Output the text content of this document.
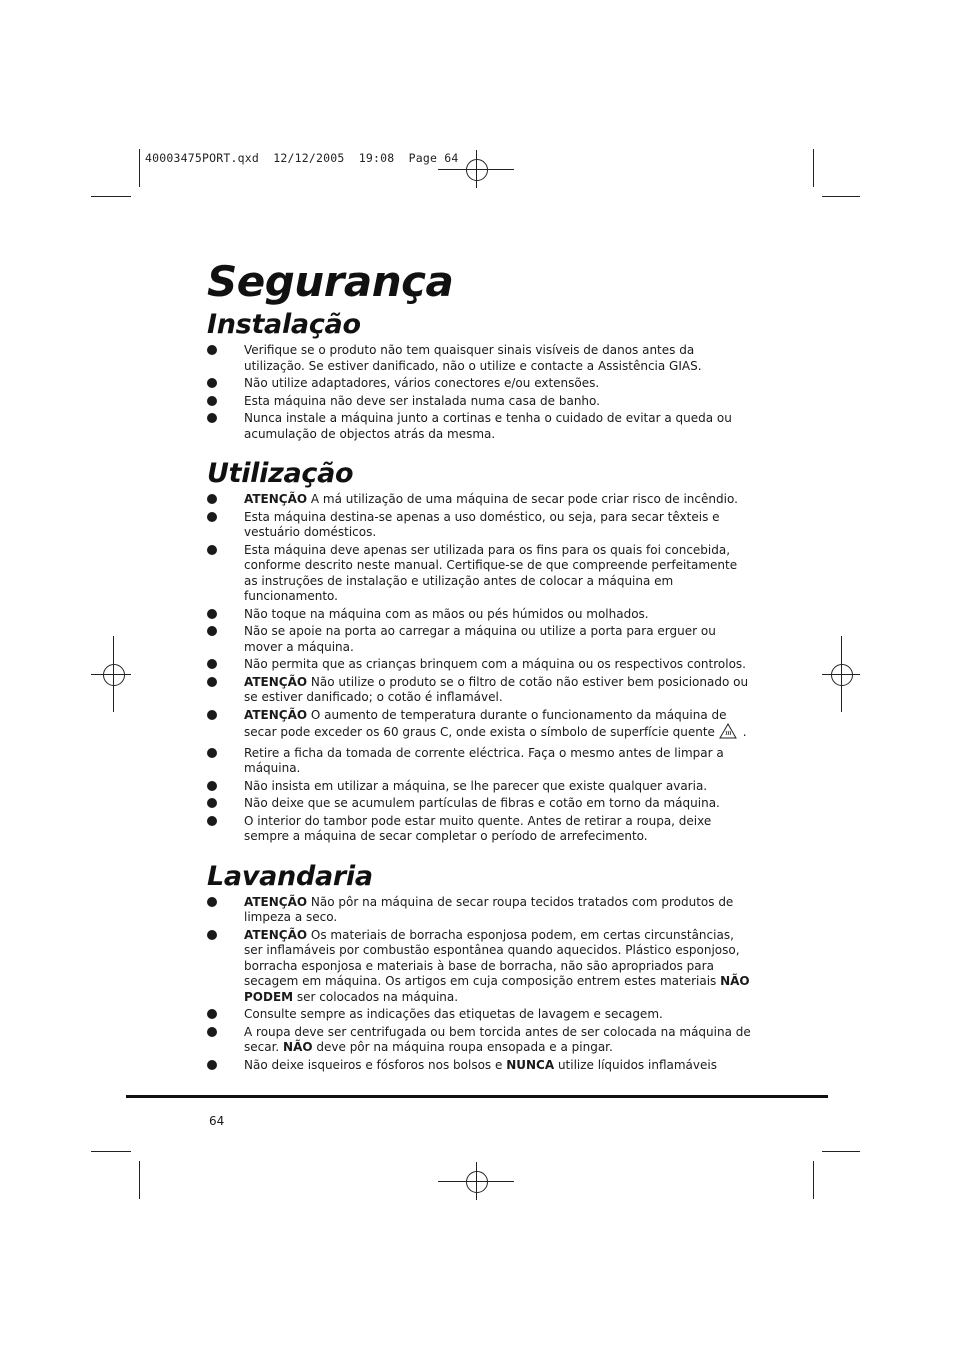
40003475PORT.qxd  12/12/2005  19:08  Page 64
Segurança
Instalação
Verifique se o produto não tem quaisquer sinais visíveis de danos antes da utilização. Se estiver danificado, não o utilize e contacte a Assistência GIAS.
Não utilize adaptadores, vários conectores e/ou extensões.
Esta máquina não deve ser instalada numa casa de banho.
Nunca instale a máquina junto a cortinas e tenha o cuidado de evitar a queda ou acumulação de objectos atrás da mesma.
Utilização
ATENÇÃO A má utilização de uma máquina de secar pode criar risco de incêndio.
Esta máquina destina-se apenas a uso doméstico, ou seja, para secar têxteis e vestuário domésticos.
Esta máquina deve apenas ser utilizada para os fins para os quais foi concebida, conforme descrito neste manual. Certifique-se de que compreende perfeitamente as instruções de instalação e utilização antes de colocar a máquina em funcionamento.
Não toque na máquina com as mãos ou pés húmidos ou molhados.
Não se apoie na porta ao carregar a máquina ou utilize a porta para erguer ou mover a máquina.
Não permita que as crianças brinquem com a máquina ou os respectivos controlos.
ATENÇÃO Não utilize o produto se o filtro de cotão não estiver bem posicionado ou se estiver danificado; o cotão é inflamável.
ATENÇÃO O aumento de temperatura durante o funcionamento da máquina de secar pode exceder os 60 graus C, onde exista o símbolo de superfície quente .
Retire a ficha da tomada de corrente eléctrica. Faça o mesmo antes de limpar a máquina.
Não insista em utilizar a máquina, se lhe parecer que existe qualquer avaria.
Não deixe que se acumulem partículas de fibras e cotão em torno da máquina.
O interior do tambor pode estar muito quente. Antes de retirar a roupa, deixe sempre a máquina de secar completar o período de arrefecimento.
Lavandaria
ATENÇÃO Não pôr na máquina de secar roupa tecidos tratados com produtos de limpeza a seco.
ATENÇÃO Os materiais de borracha esponjosa podem, em certas circunstâncias, ser inflamáveis por combustão espontânea quando aquecidos. Plástico esponjoso, borracha esponjosa e materiais à base de borracha, não são apropriados para secagem em máquina. Os artigos em cuja composição entrem estes materiais NÃO PODEM ser colocados na máquina.
Consulte sempre as indicações das etiquetas de lavagem e secagem.
A roupa deve ser centrifugada ou bem torcida antes de ser colocada na máquina de secar. NÃO deve pôr na máquina roupa ensopada e a pingar.
Não deixe isqueiros e fósforos nos bolsos e NUNCA utilize líquidos inflamáveis
64
